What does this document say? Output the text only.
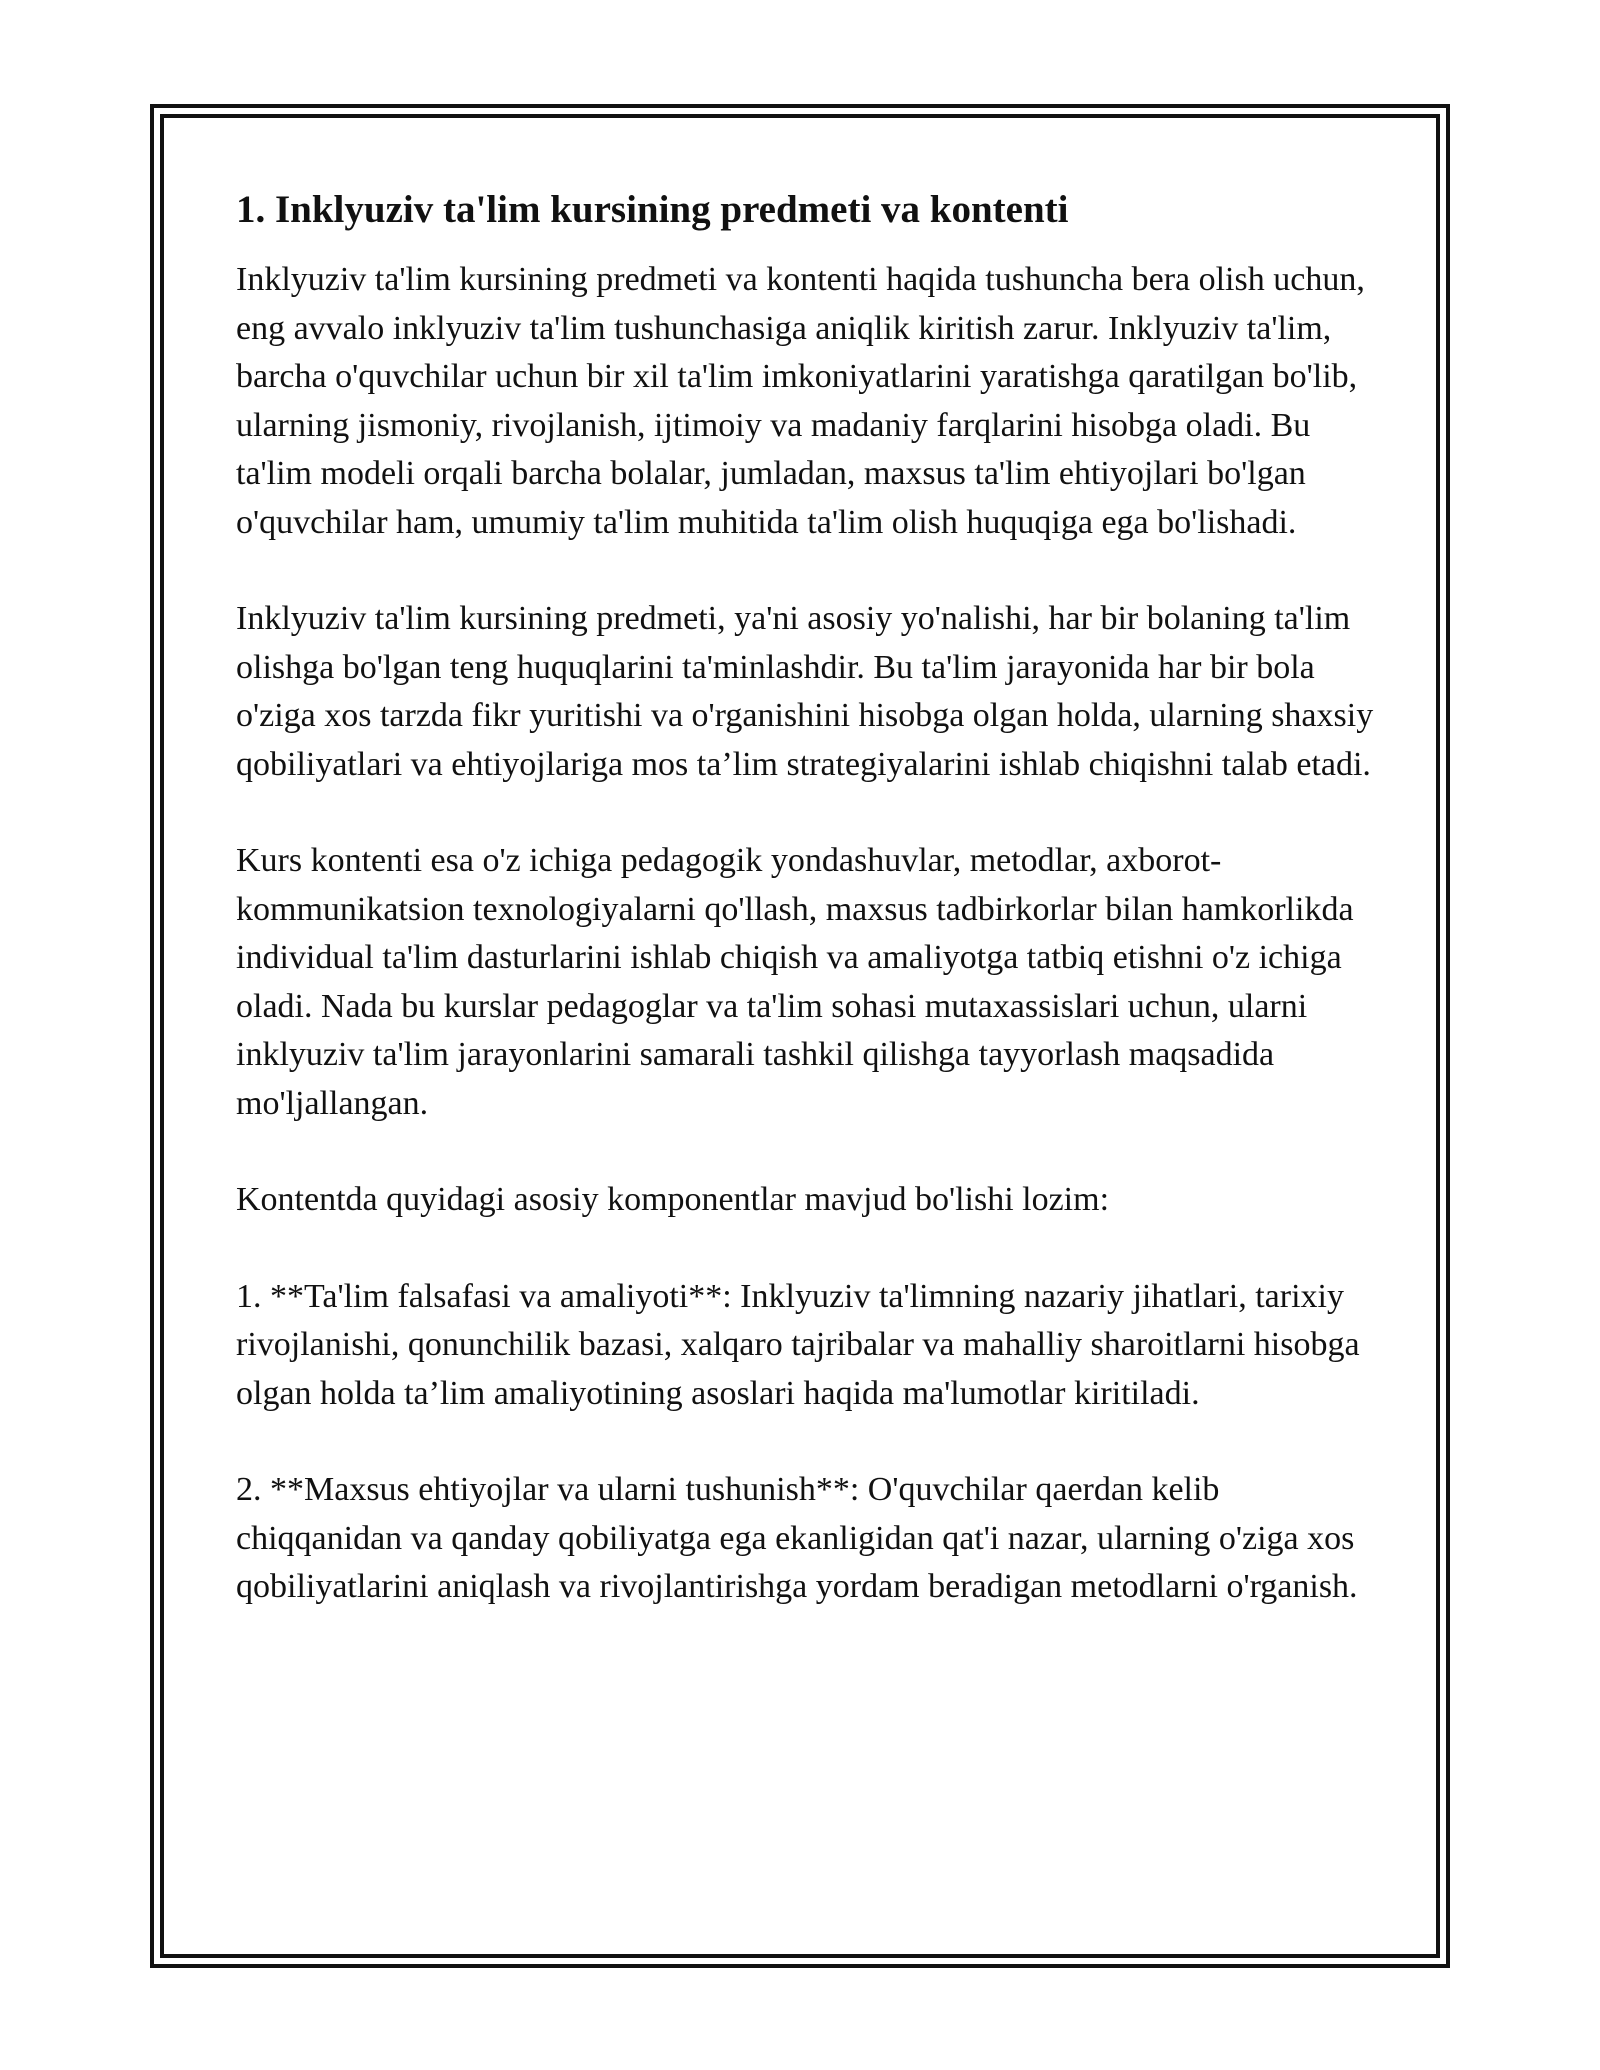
1. Inklyuziv ta'lim kursining predmeti va kontenti

Inklyuziv ta'lim kursining predmeti va kontenti haqida tushuncha bera olish uchun, eng avvalo inklyuziv ta'lim tushunchasiga aniqlik kiritish zarur. Inklyuziv ta'lim, barcha o'quvchilar uchun bir xil ta'lim imkoniyatlarini yaratishga qaratilgan bo'lib, ularning jismoniy, rivojlanish, ijtimoiy va madaniy farqlarini hisobga oladi. Bu ta'lim modeli orqali barcha bolalar, jumladan, maxsus ta'lim ehtiyojlari bo'lgan o'quvchilar ham, umumiy ta'lim muhitida ta'lim olish huquqiga ega bo'lishadi.

Inklyuziv ta'lim kursining predmeti, ya'ni asosiy yo'nalishi, har bir bolaning ta'lim olishga bo'lgan teng huquqlarini ta'minlashdir. Bu ta'lim jarayonida har bir bola o'ziga xos tarzda fikr yuritishi va o'rganishini hisobga olgan holda, ularning shaxsiy qobiliyatlari va ehtiyojlariga mos ta’lim strategiyalarini ishlab chiqishni talab etadi.

Kurs kontenti esa o'z ichiga pedagogik yondashuvlar, metodlar, axborot-kommunikatsion texnologiyalarni qo'llash, maxsus tadbirkorlar bilan hamkorlikda individual ta'lim dasturlarini ishlab chiqish va amaliyotga tatbiq etishni o'z ichiga oladi. Nada bu kurslar pedagoglar va ta'lim sohasi mutaxassislari uchun, ularni inklyuziv ta'lim jarayonlarini samarali tashkil qilishga tayyorlash maqsadida mo'ljallangan.

Kontentda quyidagi asosiy komponentlar mavjud bo'lishi lozim:

1. **Ta'lim falsafasi va amaliyoti**: Inklyuziv ta'limning nazariy jihatlari, tarixiy rivojlanishi, qonunchilik bazasi, xalqaro tajribalar va mahalliy sharoitlarni hisobga olgan holda ta’lim amaliyotining asoslari haqida ma'lumotlar kiritiladi.

2. **Maxsus ehtiyojlar va ularni tushunish**: O'quvchilar qaerdan kelib chiqqanidan va qanday qobiliyatga ega ekanligidan qat'i nazar, ularning o'ziga xos qobiliyatlarini aniqlash va rivojlantirishga yordam beradigan metodlarni o'rganish.
